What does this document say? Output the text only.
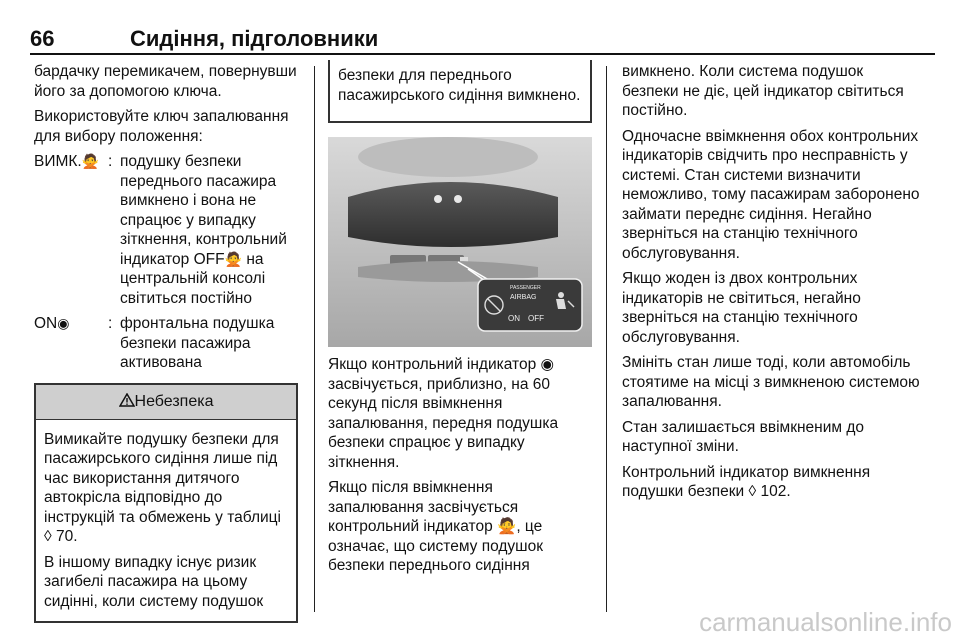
66	Сидіння, підголовники

бардачку перемикачем, повернувши його за допомогою ключа.

Використовуйте ключ запалювання для вибору положення:

ВИМК.🙅 : подушку безпеки переднього пасажира вимкнено і вона не спрацює у випадку зіткнення, контрольний індикатор OFF🙅 на центральній консолі світиться постійно
ON◉ : фронтальна подушка безпеки пасажира активована
Небезпека

Вимикайте подушку безпеки для пасажирського сидіння лише під час використання дитячого автокрісла відповідно до інструкцій та обмежень у таблиці ◊ 70.

В іншому випадку існує ризик загибелі пасажира на цьому сидінні, коли систему подушок

безпеки для переднього пасажирського сидіння вимкнено.
PASSENGER
AIRBAG
ON OFF

Якщо контрольний індикатор ◉ засвічується, приблизно, на 60 секунд після ввімкнення запалювання, передня подушка безпеки спрацює у випадку зіткнення.

Якщо після ввімкнення запалювання засвічується контрольний індикатор 🙅, це означає, що систему подушок безпеки переднього сидіння

вимкнено. Коли система подушок безпеки не діє, цей індикатор світиться постійно.

Одночасне ввімкнення обох контрольних індикаторів свідчить про несправність у системі. Стан системи визначити неможливо, тому пасажирам заборонено займати переднє сидіння. Негайно зверніться на станцію технічного обслуговування.

Якщо жоден із двох контрольних індикаторів не світиться, негайно зверніться на станцію технічного обслуговування.

Змініть стан лише тоді, коли автомобіль стоятиме на місці з вимкненою системою запалювання.

Стан залишається ввімкненим до наступної зміни.

Контрольний індикатор вимкнення подушки безпеки ◊ 102.

carmanualsonline.info
